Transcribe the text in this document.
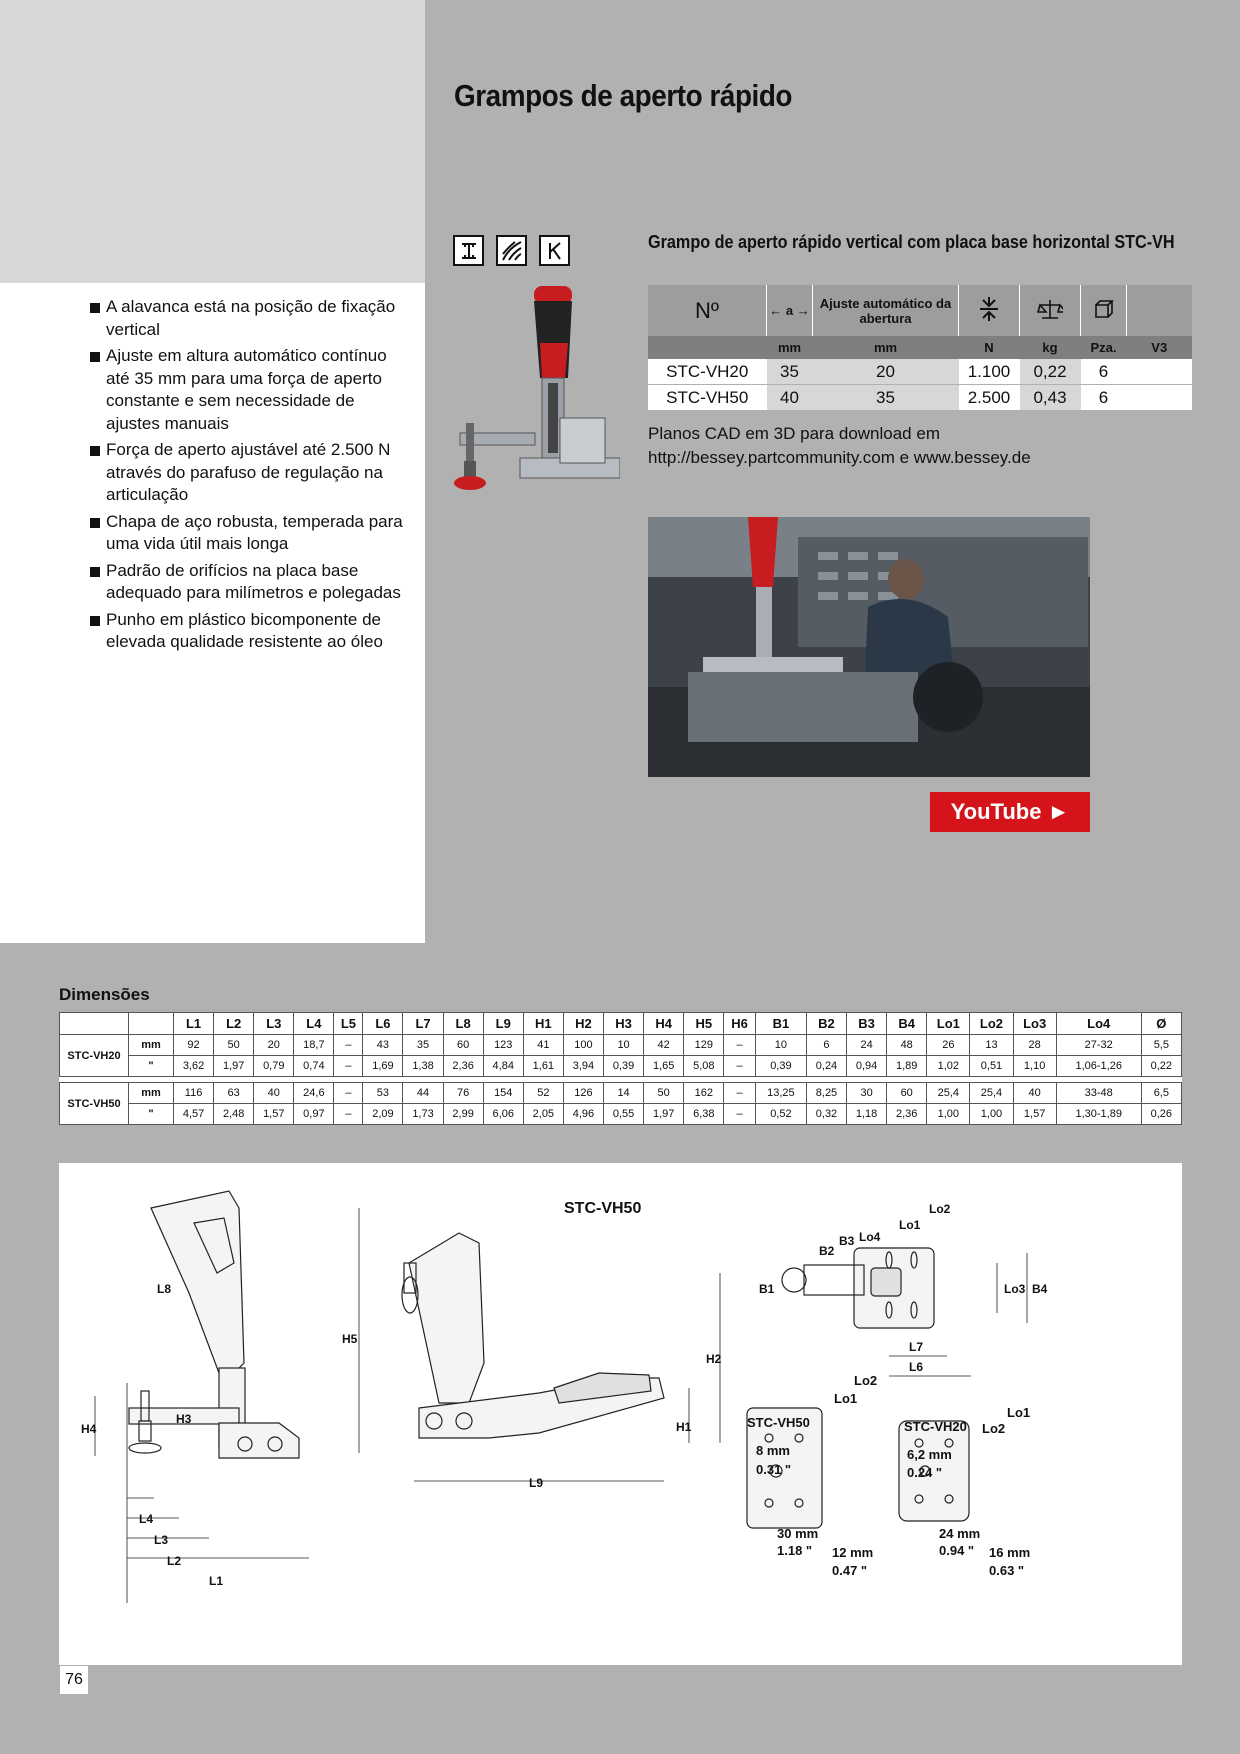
Grampos de aperto rápido
Grampo de aperto rápido vertical com placa base horizontal STC-VH
A alavanca está na posição de fixação vertical
Ajuste em altura automático contínuo até 35 mm para uma força de aperto constante e sem necessidade de ajustes manuais
Força de aperto ajustável até 2.500 N através do parafuso de regulação na articulação
Chapa de aço robusta, temperada para uma vida útil mais longa
Padrão de orifícios na placa base adequado para milímetros e polegadas
Punho em plástico bicomponente de elevada qualidade resistente ao óleo
Nº	← a →	Ajuste automático da abertura				
	mm	mm	N	kg	Pza.	V3
STC-VH20	35	20	1.100	0,22	6	
STC-VH50	40	35	2.500	0,43	6	
Planos CAD em 3D para download em
http://bessey.partcommunity.com e www.bessey.de
YouTube ►
Dimensões
		L1	L2	L3	L4	L5	L6	L7	L8	L9	H1	H2	H3	H4	H5	H6	B1	B2	B3	B4	Lo1	Lo2	Lo3	Lo4	Ø
STC-VH20	mm	92	50	20	18,7	–	43	35	60	123	41	100	10	42	129	–	10	6	24	48	26	13	28	27-32	5,5
	"	3,62	1,97	0,79	0,74	–	1,69	1,38	2,36	4,84	1,61	3,94	0,39	1,65	5,08	–	0,39	0,24	0,94	1,89	1,02	0,51	1,10	1,06-1,26	0,22

STC-VH50	mm	116	63	40	24,6	–	53	44	76	154	52	126	14	50	162	–	13,25	8,25	30	60	25,4	25,4	40	33-48	6,5
	"	4,57	2,48	1,57	0,97	–	2,09	1,73	2,99	6,06	2,05	4,96	0,55	1,97	6,38	–	0,52	0,32	1,18	2,36	1,00	1,00	1,57	1,30-1,89	0,26
STC-VH50
L1
L2
L3
L4
L8
L9
L7
L6
H4
H3
H5
H2
H1
B1
B2
B3
B4
Lo1
Lo2
Lo3
Lo4
Lo1
Lo2
STC-VH50
8 mm
0.31 "
30 mm
1.18 " 12 mm
0.47 "
Lo1
Lo2
STC-VH20
6,2 mm
0.24 "
24 mm
0.94 " 16 mm
0.63 "
76
